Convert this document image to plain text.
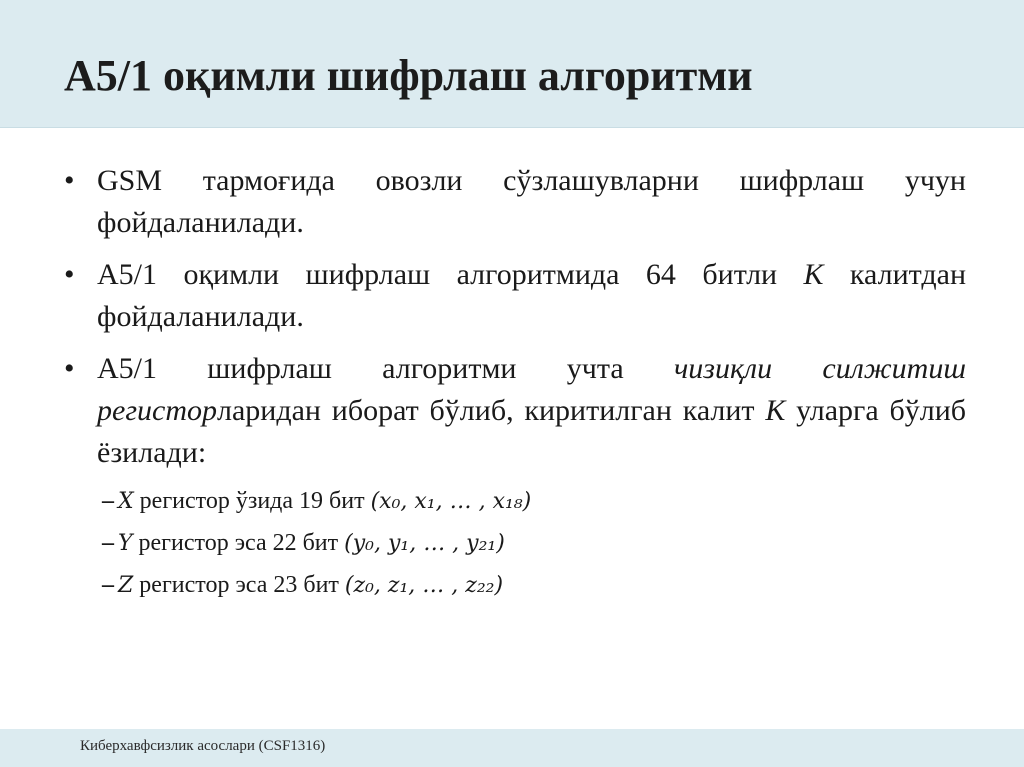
А5/1 оқимли шифрлаш алгоритми
• GSM тармоғида овозли сўзлашувларни шифрлаш учун фойдаланилади.
• А5/1 оқимли шифрлаш алгоритмида 64 битли К калитдан фойдаланилади.
• А5/1 шифрлаш алгоритми учта чизиқли силжитиш регисторларидан иборат бўлиб, киритилган калит К уларга бўлиб ёзилади:
– X регистор ўзида 19 бит (x₀, x₁, … , x₁₈)
– Y регистор эса 22 бит (y₀, y₁, … , y₂₁)
– Z регистор эса 23 бит (z₀, z₁, … , z₂₂)
Киберхавфсизлик асослари (CSF1316)
